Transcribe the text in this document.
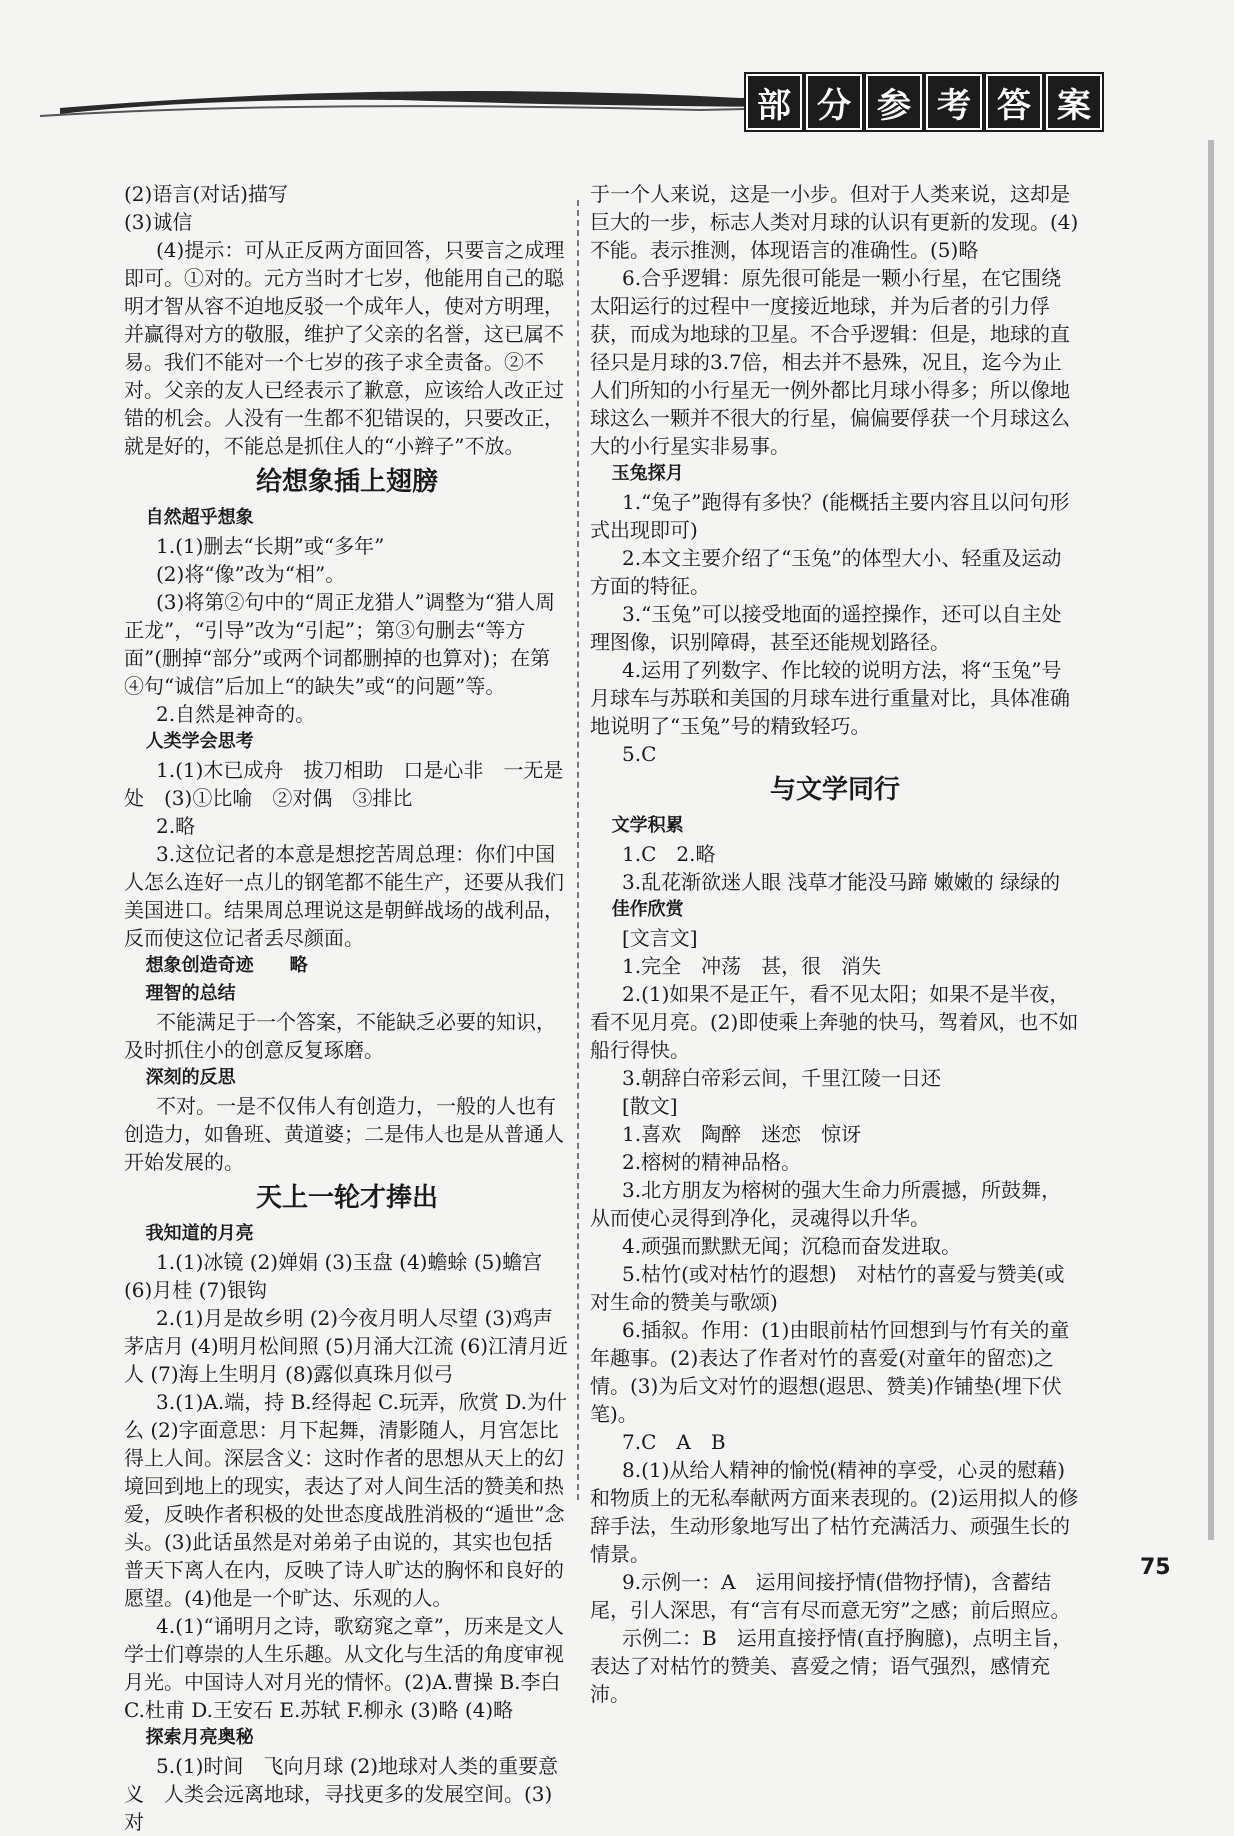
部 分 参 考 答 案

(2)语言(对话)描写

(3)诚信

(4)提示：可从正反两方面回答，只要言之成理即可。①对的。元方当时才七岁，他能用自己的聪明才智从容不迫地反驳一个成年人，使对方明理，并赢得对方的敬服，维护了父亲的名誉，这已属不易。我们不能对一个七岁的孩子求全责备。②不对。父亲的友人已经表示了歉意，应该给人改正过错的机会。人没有一生都不犯错误的，只要改正，就是好的，不能总是抓住人的“小辫子”不放。

给想象插上翅膀

自然超乎想象

1.(1)删去“长期”或“多年”

(2)将“像”改为“相”。

(3)将第②句中的“周正龙猎人”调整为“猎人周正龙”，“引导”改为“引起”；第③句删去“等方面”(删掉“部分”或两个词都删掉的也算对)；在第④句“诚信”后加上“的缺失”或“的问题”等。

2.自然是神奇的。

人类学会思考

1.(1)木已成舟　拔刀相助　口是心非　一无是处　(3)①比喻　②对偶　③排比

2.略

3.这位记者的本意是想挖苦周总理：你们中国人怎么连好一点儿的钢笔都不能生产，还要从我们美国进口。结果周总理说这是朝鲜战场的战利品，反而使这位记者丢尽颜面。

想象创造奇迹　　略

理智的总结

不能满足于一个答案，不能缺乏必要的知识，及时抓住小的创意反复琢磨。

深刻的反思

不对。一是不仅伟人有创造力，一般的人也有创造力，如鲁班、黄道婆；二是伟人也是从普通人开始发展的。

天上一轮才捧出

我知道的月亮

1.(1)冰镜 (2)婵娟 (3)玉盘 (4)蟾蜍 (5)蟾宫 (6)月桂 (7)银钩

2.(1)月是故乡明 (2)今夜月明人尽望 (3)鸡声茅店月 (4)明月松间照 (5)月涌大江流 (6)江清月近人 (7)海上生明月 (8)露似真珠月似弓

3.(1)A.端，持 B.经得起 C.玩弄，欣赏 D.为什么 (2)字面意思：月下起舞，清影随人，月宫怎比得上人间。深层含义：这时作者的思想从天上的幻境回到地上的现实，表达了对人间生活的赞美和热爱，反映作者积极的处世态度战胜消极的“遁世”念头。(3)此话虽然是对弟弟子由说的，其实也包括普天下离人在内，反映了诗人旷达的胸怀和良好的愿望。(4)他是一个旷达、乐观的人。

4.(1)“诵明月之诗，歌窈窕之章”，历来是文人学士们尊崇的人生乐趣。从文化与生活的角度审视月光。中国诗人对月光的情怀。(2)A.曹操 B.李白 C.杜甫 D.王安石 E.苏轼 F.柳永 (3)略 (4)略

探索月亮奥秘

5.(1)时间　飞向月球 (2)地球对人类的重要意义　人类会远离地球，寻找更多的发展空间。(3)对

于一个人来说，这是一小步。但对于人类来说，这却是巨大的一步，标志人类对月球的认识有更新的发现。(4)不能。表示推测，体现语言的准确性。(5)略

6.合乎逻辑：原先很可能是一颗小行星，在它围绕太阳运行的过程中一度接近地球，并为后者的引力俘获，而成为地球的卫星。不合乎逻辑：但是，地球的直径只是月球的3.7倍，相去并不悬殊，况且，迄今为止人们所知的小行星无一例外都比月球小得多；所以像地球这么一颗并不很大的行星，偏偏要俘获一个月球这么大的小行星实非易事。

玉兔探月

1.“兔子”跑得有多快？(能概括主要内容且以问句形式出现即可)

2.本文主要介绍了“玉兔”的体型大小、轻重及运动方面的特征。

3.“玉兔”可以接受地面的遥控操作，还可以自主处理图像，识别障碍，甚至还能规划路径。

4.运用了列数字、作比较的说明方法，将“玉兔”号月球车与苏联和美国的月球车进行重量对比，具体准确地说明了“玉兔”号的精致轻巧。

5.C

与文学同行

文学积累

1.C　2.略

3.乱花渐欲迷人眼 浅草才能没马蹄 嫩嫩的 绿绿的

佳作欣赏

[文言文]

1.完全　冲荡　甚，很　消失

2.(1)如果不是正午，看不见太阳；如果不是半夜，看不见月亮。(2)即使乘上奔驰的快马，驾着风，也不如船行得快。

3.朝辞白帝彩云间，千里江陵一日还

[散文]

1.喜欢　陶醉　迷恋　惊讶

2.榕树的精神品格。

3.北方朋友为榕树的强大生命力所震撼，所鼓舞，从而使心灵得到净化，灵魂得以升华。

4.顽强而默默无闻；沉稳而奋发进取。

5.枯竹(或对枯竹的遐想)　对枯竹的喜爱与赞美(或对生命的赞美与歌颂)

6.插叙。作用：(1)由眼前枯竹回想到与竹有关的童年趣事。(2)表达了作者对竹的喜爱(对童年的留恋)之情。(3)为后文对竹的遐想(遐思、赞美)作铺垫(埋下伏笔)。

7.C　A　B

8.(1)从给人精神的愉悦(精神的享受，心灵的慰藉)和物质上的无私奉献两方面来表现的。(2)运用拟人的修辞手法，生动形象地写出了枯竹充满活力、顽强生长的情景。

9.示例一：A　运用间接抒情(借物抒情)，含蓄结尾，引人深思，有“言有尽而意无穷”之感；前后照应。

示例二：B　运用直接抒情(直抒胸臆)，点明主旨，表达了对枯竹的赞美、喜爱之情；语气强烈，感情充沛。

75
